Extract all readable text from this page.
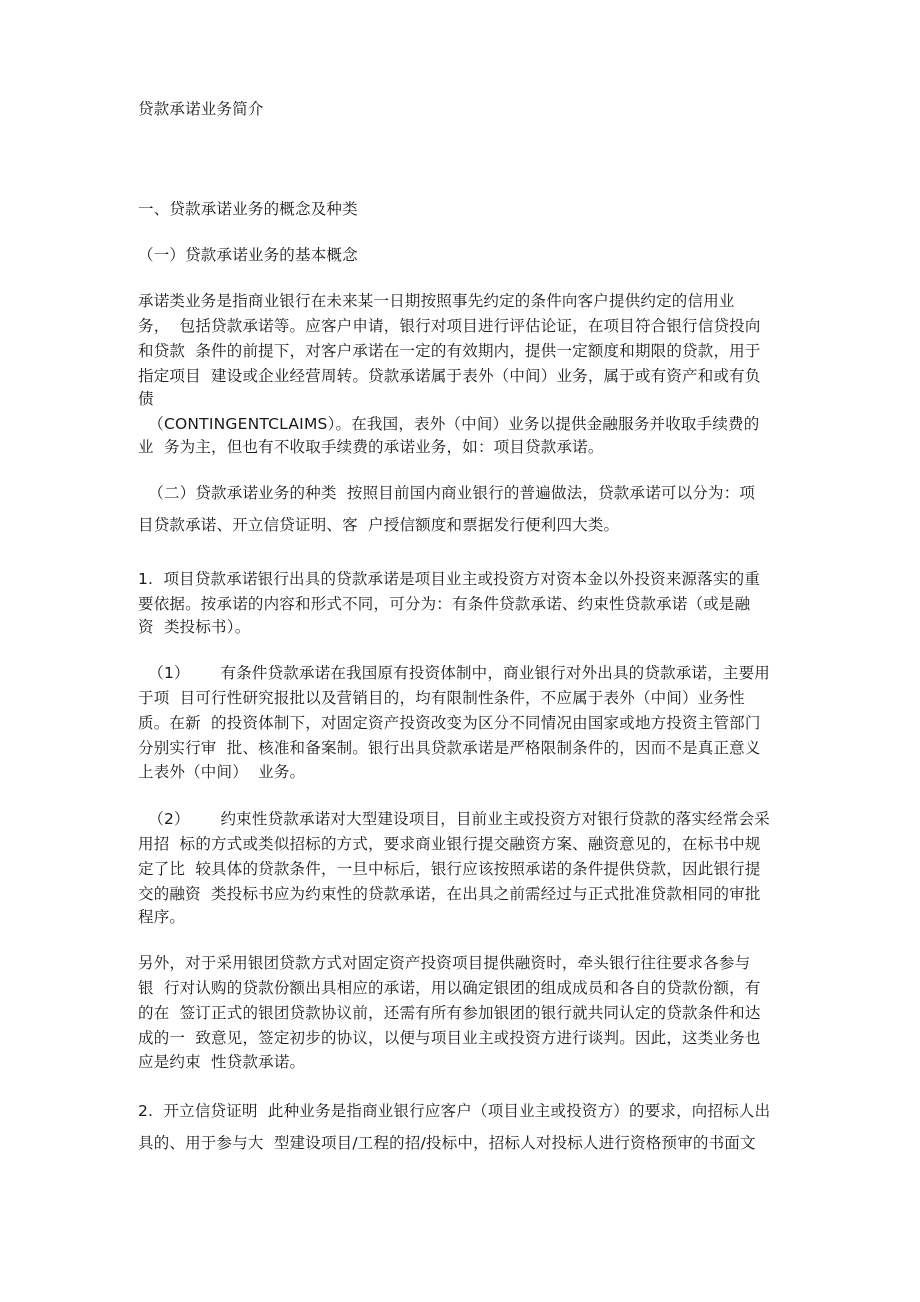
贷款承诺业务简介

一、贷款承诺业务的概念及种类

（一）贷款承诺业务的基本概念

承诺类业务是指商业银行在未来某一日期按照事先约定的条件向客户提供约定的信用业

务，  包括贷款承诺等。应客户申请，银行对项目进行评估论证，在项目符合银行信贷投向

和贷款  条件的前提下，对客户承诺在一定的有效期内，提供一定额度和期限的贷款，用于

指定项目  建设或企业经营周转。贷款承诺属于表外（中间）业务，属于或有资产和或有负

债

（CONTINGENTCLAIMS）。在我国，表外（中间）业务以提供金融服务并收取手续费的

业  务为主，但也有不收取手续费的承诺业务，如：项目贷款承诺。

（二）贷款承诺业务的种类  按照目前国内商业银行的普遍做法，贷款承诺可以分为：项

目贷款承诺、开立信贷证明、客  户授信额度和票据发行便利四大类。

1.  项目贷款承诺银行出具的贷款承诺是项目业主或投资方对资本金以外投资来源落实的重

要依据。按承诺的内容和形式不同，可分为：有条件贷款承诺、约束性贷款承诺（或是融

资  类投标书）。

（1）      有条件贷款承诺在我国原有投资体制中，商业银行对外出具的贷款承诺，主要用

于项  目可行性研究报批以及营销目的，均有限制性条件，不应属于表外（中间）业务性

质。在新  的投资体制下，对固定资产投资改变为区分不同情况由国家或地方投资主管部门

分别实行审  批、核准和备案制。银行出具贷款承诺是严格限制条件的，因而不是真正意义

上表外（中间）  业务。

（2）      约束性贷款承诺对大型建设项目，目前业主或投资方对银行贷款的落实经常会采

用招  标的方式或类似招标的方式，要求商业银行提交融资方案、融资意见的，在标书中规

定了比  较具体的贷款条件，一旦中标后，银行应该按照承诺的条件提供贷款，因此银行提

交的融资  类投标书应为约束性的贷款承诺，在出具之前需经过与正式批准贷款相同的审批

程序。

另外，对于采用银团贷款方式对固定资产投资项目提供融资时，牵头银行往往要求各参与

银  行对认购的贷款份额出具相应的承诺，用以确定银团的组成成员和各自的贷款份额，有

的在  签订正式的银团贷款协议前，还需有所有参加银团的银行就共同认定的贷款条件和达

成的一  致意见，签定初步的协议，以便与项目业主或投资方进行谈判。因此，这类业务也

应是约束  性贷款承诺。

2.  开立信贷证明  此种业务是指商业银行应客户（项目业主或投资方）的要求，向招标人出

具的、用于参与大  型建设项目/工程的招/投标中，招标人对投标人进行资格预审的书面文
